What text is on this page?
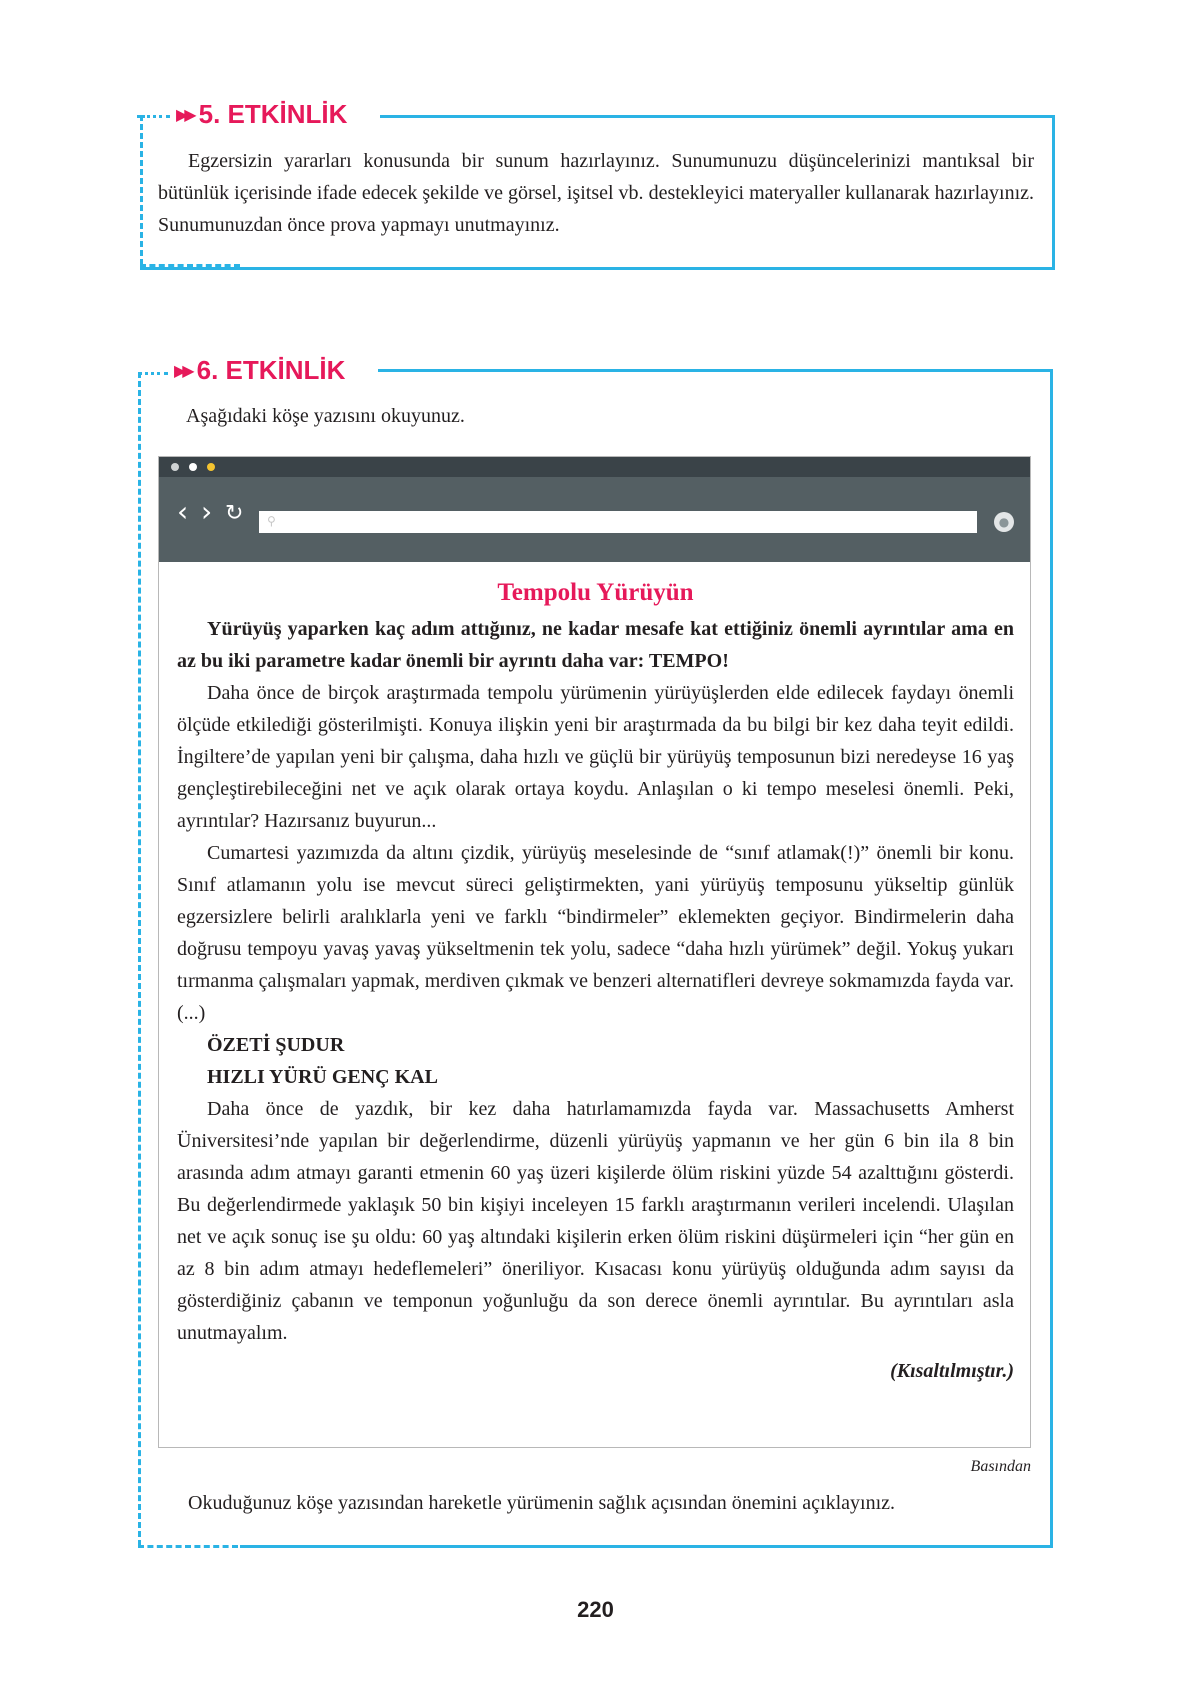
▶▶ 5. ETKİNLİK
Egzersizin yararları konusunda bir sunum hazırlayınız. Sunumunuzu düşüncelerinizi mantıksal bir bütünlük içerisinde ifade edecek şekilde ve görsel, işitsel vb. destekleyici materyaller kullanarak hazırlayınız. Sunumunuzdan önce prova yapmayı unutmayınız.
▶▶ 6. ETKİNLİK
Aşağıdaki köşe yazısını okuyunuz.
‹ › ↻ ⚲	●

Tempolu Yürüyün

Yürüyüş yaparken kaç adım attığınız, ne kadar mesafe kat ettiğiniz önemli ayrıntılar ama en az bu iki parametre kadar önemli bir ayrıntı daha var: TEMPO!

Daha önce de birçok araştırmada tempolu yürümenin yürüyüşlerden elde edilecek faydayı önemli ölçüde etkilediği gösterilmişti. Konuya ilişkin yeni bir araştırmada da bu bilgi bir kez daha teyit edildi. İngiltere’de yapılan yeni bir çalışma, daha hızlı ve güçlü bir yürüyüş temposunun bizi neredeyse 16 yaş gençleştirebileceğini net ve açık olarak ortaya koydu. Anlaşılan o ki tempo meselesi önemli. Peki, ayrıntılar? Hazırsanız buyurun...

Cumartesi yazımızda da altını çizdik, yürüyüş meselesinde de “sınıf atlamak(!)” önemli bir konu. Sınıf atlamanın yolu ise mevcut süreci geliştirmekten, yani yürüyüş temposunu yükseltip günlük egzersizlere belirli aralıklarla yeni ve farklı “bindirmeler” eklemekten geçiyor. Bindirmelerin daha doğrusu tempoyu yavaş yavaş yükseltmenin tek yolu, sadece “daha hızlı yürümek” değil. Yokuş yukarı tırmanma çalışmaları yapmak, merdiven çıkmak ve benzeri alternatifleri devreye sokmamızda fayda var. (...)

ÖZETİ ŞUDUR

HIZLI YÜRÜ GENÇ KAL

Daha önce de yazdık, bir kez daha hatırlamamızda fayda var. Massachusetts Amherst Üniversitesi’nde yapılan bir değerlendirme, düzenli yürüyüş yapmanın ve her gün 6 bin ila 8 bin arasında adım atmayı garanti etmenin 60 yaş üzeri kişilerde ölüm riskini yüzde 54 azalttığını gösterdi. Bu değerlendirmede yaklaşık 50 bin kişiyi inceleyen 15 farklı araştırmanın verileri incelendi. Ulaşılan net ve açık sonuç ise şu oldu: 60 yaş altındaki kişilerin erken ölüm riskini düşürmeleri için “her gün en az 8 bin adım atmayı hedeflemeleri” öneriliyor. Kısacası konu yürüyüş olduğunda adım sayısı da gösterdiğiniz çabanın ve temponun yoğunluğu da son derece önemli ayrıntılar. Bu ayrıntıları asla unutmayalım.

(Kısaltılmıştır.)

Basından
Okuduğunuz köşe yazısından hareketle yürümenin sağlık açısından önemini açıklayınız.
220
